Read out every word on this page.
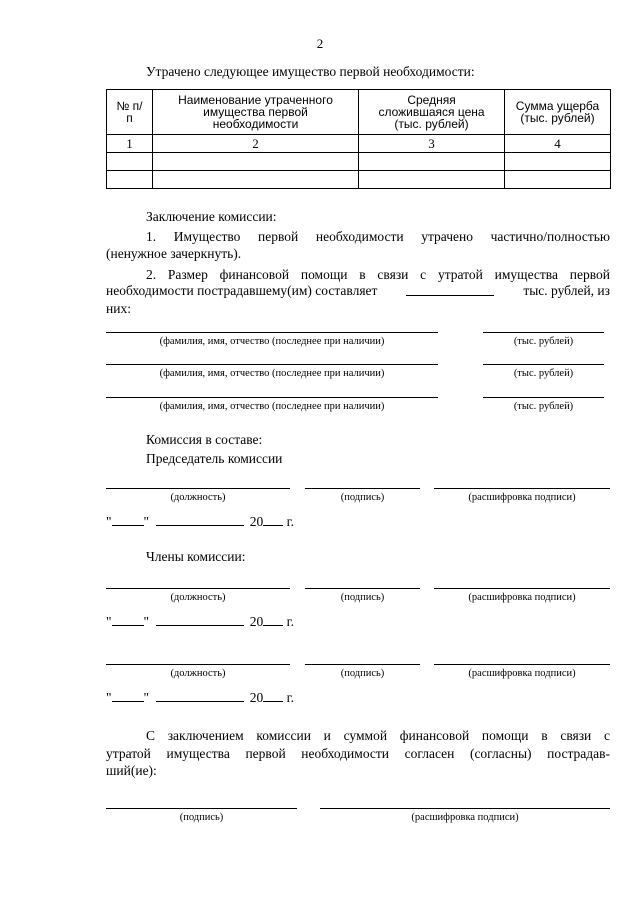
2
Утрачено следующее имущество первой необходимости:
№ п/п	Наименование утраченного имущества первой необходимости	Средняя сложившаяся цена (тыс. рублей)	Сумма ущерба (тыс. рублей)
1	2	3	4

Заключение комиссии:
1. Имущество первой необходимости утрачено частично/полностью
(ненужное зачеркнуть).
2. Размер финансовой помощи в связи с утратой имущества первой
необходимости пострадавшему(им) составляет	тыс. рублей, из
них:
(фамилия, имя, отчество (последнее при наличии)	(тыс. рублей)
(фамилия, имя, отчество (последнее при наличии)	(тыс. рублей)
(фамилия, имя, отчество (последнее при наличии)	(тыс. рублей)
Комиссия в составе:
Председатель комиссии
(должность)	(подпись)	(расшифровка подписи)
" "	20 г.
Члены комиссии:
(должность)	(подпись)	(расшифровка подписи)
" "	20 г.
(должность)	(подпись)	(расшифровка подписи)
" "	20 г.
С заключением комиссии и суммой финансовой помощи в связи с
утратой имущества первой необходимости согласен (согласны) пострадав-
ший(ие):
(подпись)	(расшифровка подписи)
